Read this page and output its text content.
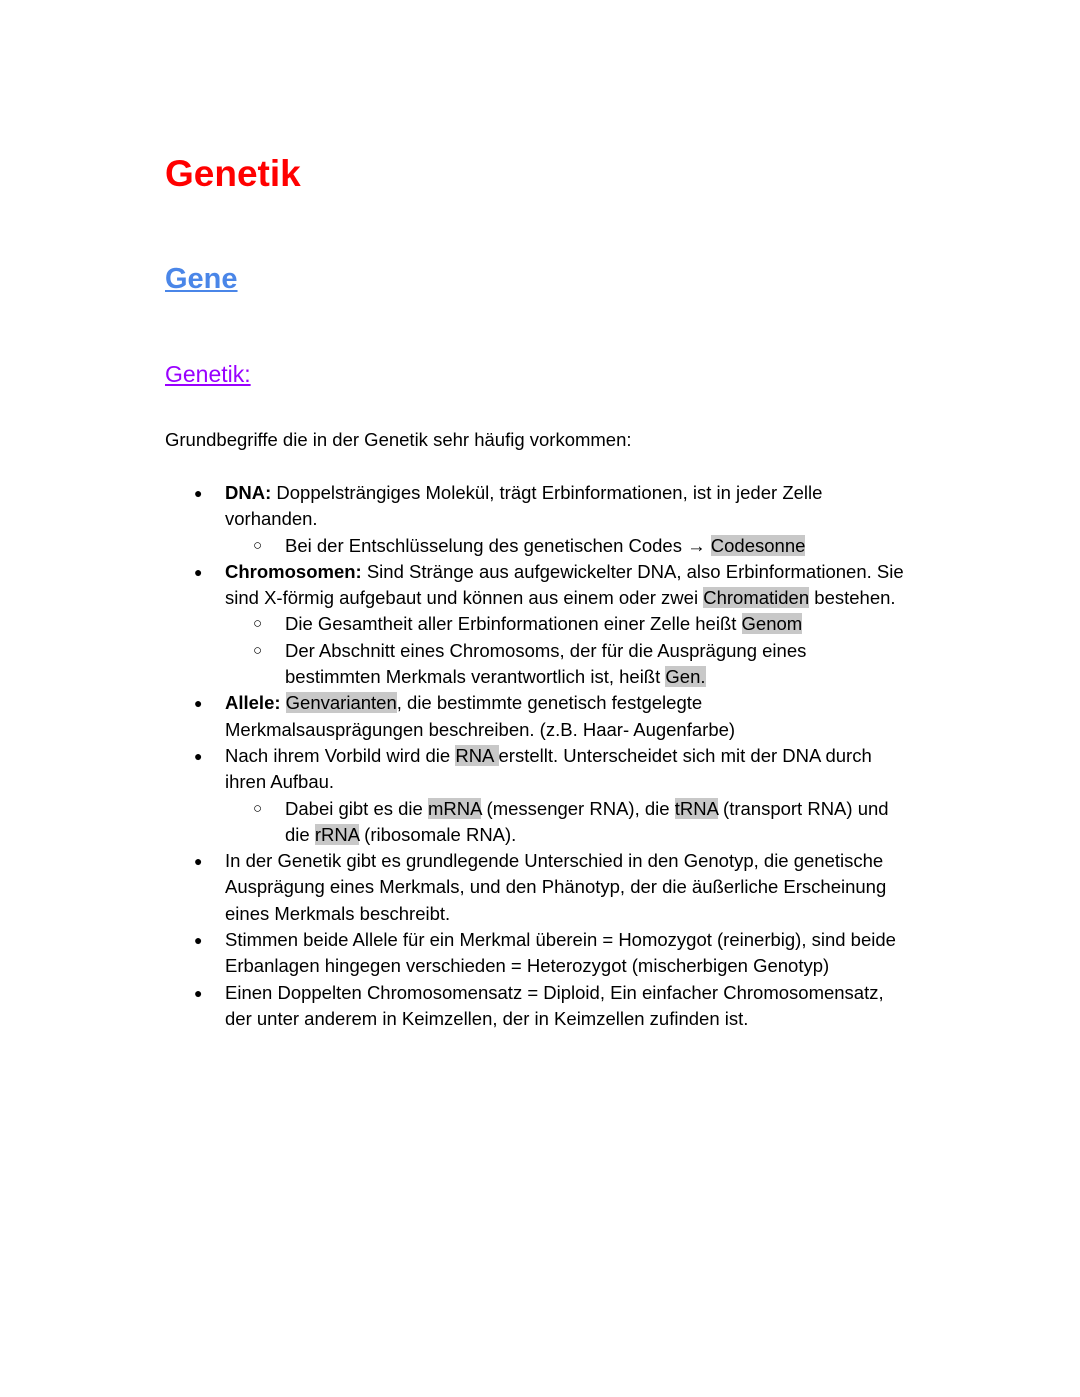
Genetik
Gene
Genetik:
Grundbegriffe die in der Genetik sehr häufig vorkommen:
● DNA: Doppelsträngiges Molekül, trägt Erbinformationen, ist in jeder Zelle vorhanden.
○ Bei der Entschlüsselung des genetischen Codes → Codesonne
● Chromosomen: Sind Stränge aus aufgewickelter DNA, also Erbinformationen. Sie sind X-förmig aufgebaut und können aus einem oder zwei Chromatiden bestehen.
○ Die Gesamtheit aller Erbinformationen einer Zelle heißt Genom
○ Der Abschnitt eines Chromosoms, der für die Ausprägung eines bestimmten Merkmals verantwortlich ist, heißt Gen.
● Allele: Genvarianten, die bestimmte genetisch festgelegte Merkmalsausprägungen beschreiben. (z.B. Haar- Augenfarbe)
● Nach ihrem Vorbild wird die RNA erstellt. Unterscheidet sich mit der DNA durch ihren Aufbau.
○ Dabei gibt es die mRNA (messenger RNA), die tRNA (transport RNA) und die rRNA (ribosomale RNA).
● In der Genetik gibt es grundlegende Unterschied in den Genotyp, die genetische Ausprägung eines Merkmals, und den Phänotyp, der die äußerliche Erscheinung eines Merkmals beschreibt.
● Stimmen beide Allele für ein Merkmal überein = Homozygot (reinerbig), sind beide Erbanlagen hingegen verschieden = Heterozygot (mischerbigen Genotyp)
● Einen Doppelten Chromosomensatz = Diploid, Ein einfacher Chromosomensatz, der unter anderem in Keimzellen, der in Keimzellen zufinden ist.
